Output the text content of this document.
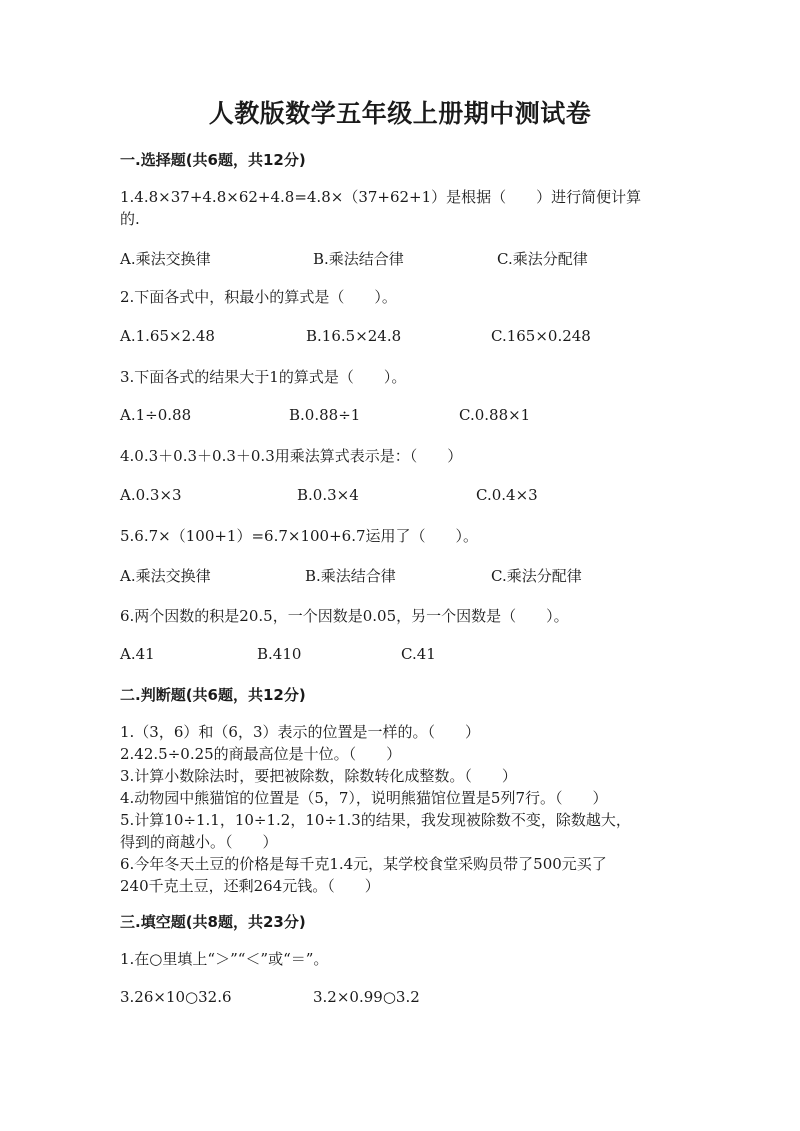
人教版数学五年级上册期中测试卷
一.选择题(共6题，共12分)
1.4.8×37+4.8×62+4.8=4.8×（37+62+1）是根据（　　）进行简便计算
的.
A.乘法交换律	B.乘法结合律	C.乘法分配律
2.下面各式中，积最小的算式是（　　）。
A.1.65×2.48	B.16.5×24.8	C.165×0.248
3.下面各式的结果大于1的算式是（　　）。
A.1÷0.88	B.0.88÷1	C.0.88×1
4.0.3＋0.3＋0.3＋0.3用乘法算式表示是：（　　）
A.0.3×3	B.0.3×4	C.0.4×3
5.6.7×（100+1）=6.7×100+6.7运用了（　　）。
A.乘法交换律	B.乘法结合律	C.乘法分配律
6.两个因数的积是20.5，一个因数是0.05，另一个因数是（　　）。
A.41	B.410	C.41
二.判断题(共6题，共12分)
1.（3，6）和（6，3）表示的位置是一样的。（　　）
2.42.5÷0.25的商最高位是十位。（　　）
3.计算小数除法时，要把被除数，除数转化成整数。（　　）
4.动物园中熊猫馆的位置是（5，7），说明熊猫馆位置是5列7行。（　　）
5.计算10÷1.1，10÷1.2，10÷1.3的结果，我发现被除数不变，除数越大，
得到的商越小。（　　）
6.今年冬天土豆的价格是每千克1.4元，某学校食堂采购员带了500元买了
240千克土豆，还剩264元钱。（　　）
三.填空题(共8题，共23分)
1.在○里填上“＞”“＜”或“＝”。
3.26×10○32.6	3.2×0.99○3.2
